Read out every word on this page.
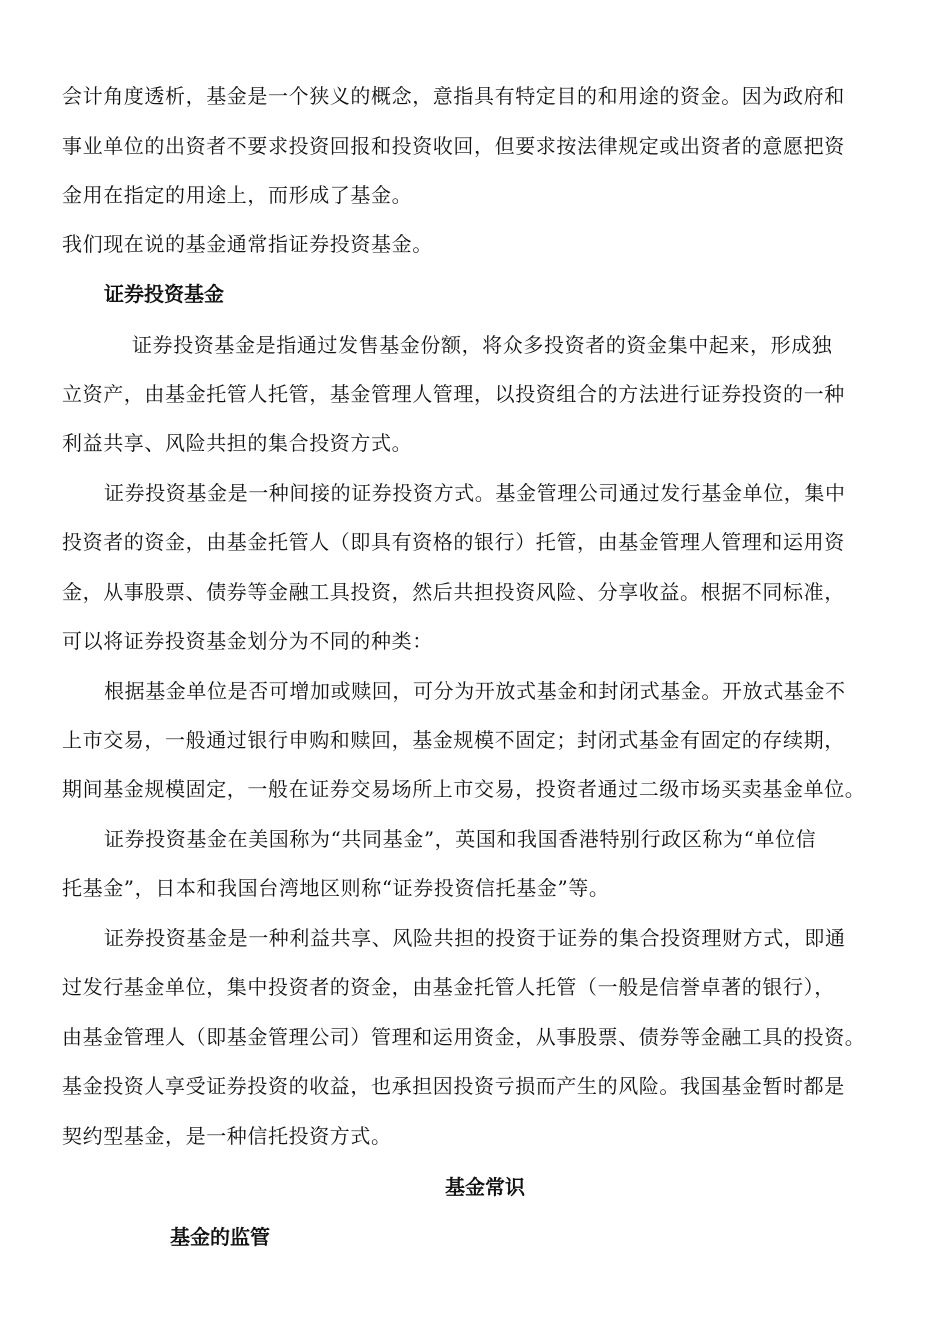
会计角度透析，基金是一个狭义的概念，意指具有特定目的和用途的资金。因为政府和
事业单位的出资者不要求投资回报和投资收回，但要求按法律规定或出资者的意愿把资
金用在指定的用途上，而形成了基金。
我们现在说的基金通常指证券投资基金。
证券投资基金
证券投资基金是指通过发售基金份额，将众多投资者的资金集中起来，形成独
立资产，由基金托管人托管，基金管理人管理，以投资组合的方法进行证券投资的一种
利益共享、风险共担的集合投资方式。
证券投资基金是一种间接的证券投资方式。基金管理公司通过发行基金单位，集中
投资者的资金，由基金托管人（即具有资格的银行）托管，由基金管理人管理和运用资
金，从事股票、债券等金融工具投资，然后共担投资风险、分享收益。根据不同标准，
可以将证券投资基金划分为不同的种类：
根据基金单位是否可增加或赎回，可分为开放式基金和封闭式基金。开放式基金不
上市交易，一般通过银行申购和赎回，基金规模不固定；封闭式基金有固定的存续期，
期间基金规模固定，一般在证券交易场所上市交易，投资者通过二级市场买卖基金单位。
证券投资基金在美国称为“共同基金”，英国和我国香港特别行政区称为“单位信
托基金”，日本和我国台湾地区则称“证券投资信托基金”等。
证券投资基金是一种利益共享、风险共担的投资于证券的集合投资理财方式，即通
过发行基金单位，集中投资者的资金，由基金托管人托管（一般是信誉卓著的银行），
由基金管理人（即基金管理公司）管理和运用资金，从事股票、债券等金融工具的投资。
基金投资人享受证券投资的收益，也承担因投资亏损而产生的风险。我国基金暂时都是
契约型基金，是一种信托投资方式。
基金常识
基金的监管
